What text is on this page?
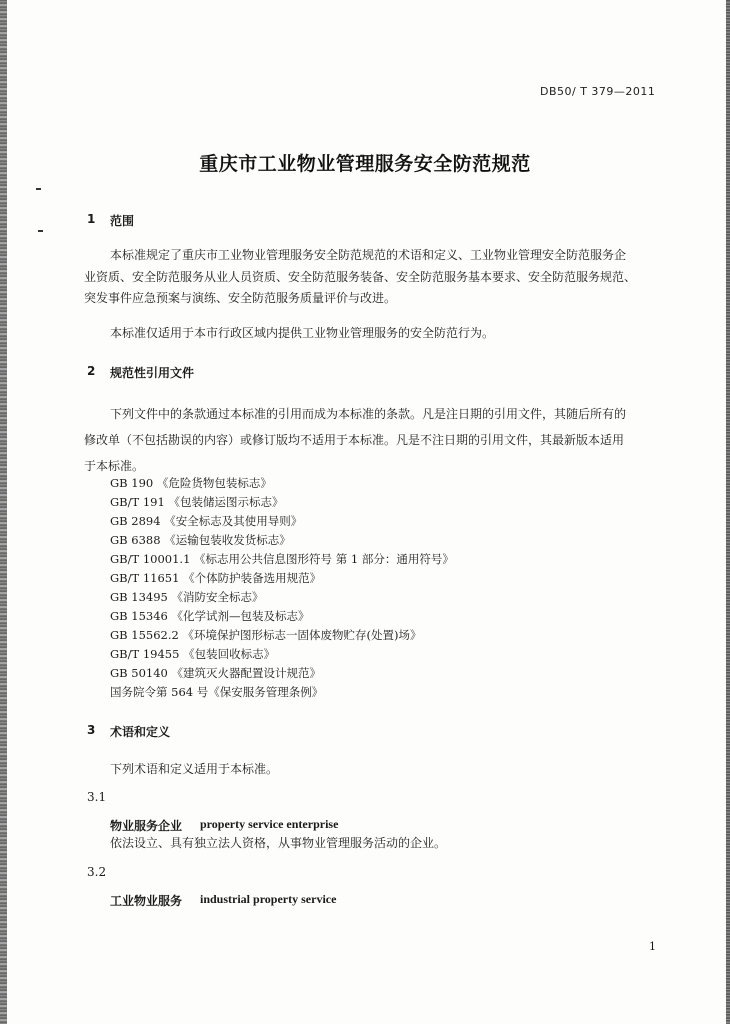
DB50/ T 379—2011
重庆市工业物业管理服务安全防范规范
1 范围
本标准规定了重庆市工业物业管理服务安全防范规范的术语和定义、工业物业管理安全防范服务企
业资质、安全防范服务从业人员资质、安全防范服务装备、安全防范服务基本要求、安全防范服务规范、
突发事件应急预案与演练、安全防范服务质量评价与改进。
本标准仅适用于本市行政区域内提供工业物业管理服务的安全防范行为。
2 规范性引用文件
下列文件中的条款通过本标准的引用而成为本标准的条款。凡是注日期的引用文件，其随后所有的
修改单（不包括勘误的内容）或修订版均不适用于本标准。凡是不注日期的引用文件，其最新版本适用
于本标准。
GB 190 《危险货物包装标志》
GB/T 191 《包装储运图示标志》
GB 2894 《安全标志及其使用导则》
GB 6388 《运输包装收发货标志》
GB/T 10001.1 《标志用公共信息图形符号 第 1 部分：通用符号》
GB/T 11651 《个体防护装备选用规范》
GB 13495 《消防安全标志》
GB 15346 《化学试剂—包装及标志》
GB 15562.2 《环境保护图形标志一固体废物贮存(处置)场》
GB/T 19455 《包装回收标志》
GB 50140 《建筑灭火器配置设计规范》
国务院令第 564 号《保安服务管理条例》
3 术语和定义
下列术语和定义适用于本标准。
3.1
物业服务企业 property service enterprise
依法设立、具有独立法人资格，从事物业管理服务活动的企业。
3.2
工业物业服务 industrial property service
1
